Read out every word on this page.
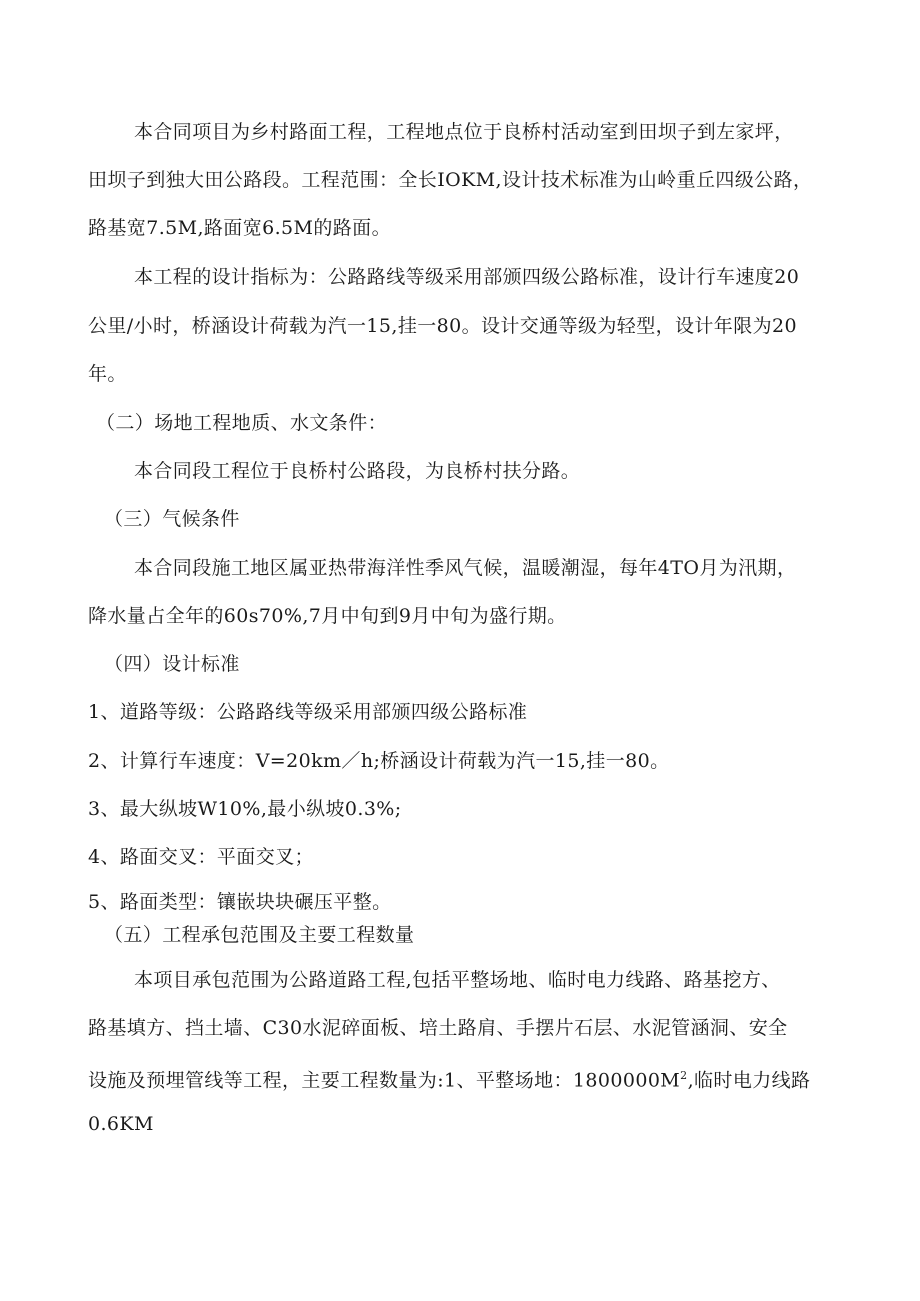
本合同项目为乡村路面工程，工程地点位于良桥村活动室到田坝子到左家坪，
田坝子到独大田公路段。工程范围：全长IOKM,设计技术标准为山岭重丘四级公路，
路基宽7.5M,路面宽6.5M的路面。
本工程的设计指标为：公路路线等级采用部颁四级公路标准，设计行车速度20
公里/小时，桥涵设计荷载为汽一15,挂一80。设计交通等级为轻型，设计年限为20
年。
（二）场地工程地质、水文条件：
本合同段工程位于良桥村公路段，为良桥村扶分路。
（三）气候条件
本合同段施工地区属亚热带海洋性季风气候，温暖潮湿，每年4TO月为汛期，
降水量占全年的60s70%,7月中旬到9月中旬为盛行期。
（四）设计标准
1、道路等级：公路路线等级采用部颁四级公路标准
2、计算行车速度：V=20km／h;桥涵设计荷载为汽一15,挂一80。
3、最大纵坡W10%,最小纵坡0.3%;
4、路面交叉：平面交叉；
5、路面类型：镶嵌块块碾压平整。
（五）工程承包范围及主要工程数量
本项目承包范围为公路道路工程,包括平整场地、临时电力线路、路基挖方、
路基填方、挡土墙、C30水泥碎面板、培土路肩、手摆片石层、水泥管涵洞、安全
设施及预埋管线等工程，主要工程数量为:1、平整场地：$1800000M^2$,临时电力线路
0.6KM
